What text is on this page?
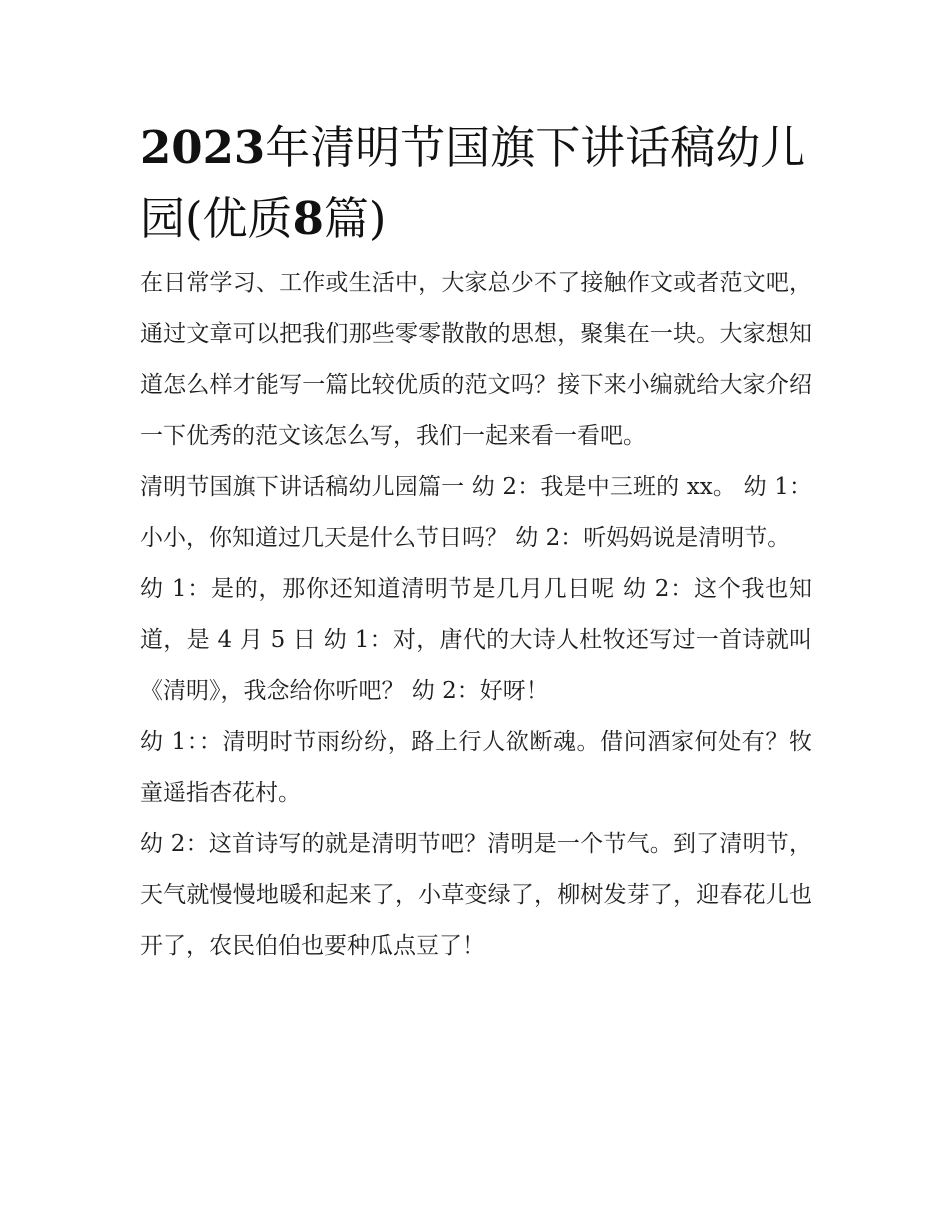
2023年清明节国旗下讲话稿幼儿园(优质8篇)

在日常学习、工作或生活中，大家总少不了接触作文或者范文吧，通过文章可以把我们那些零零散散的思想，聚集在一块。大家想知道怎么样才能写一篇比较优质的范文吗？接下来小编就给大家介绍一下优秀的范文该怎么写，我们一起来看一看吧。

清明节国旗下讲话稿幼儿园篇一 幼 2：我是中三班的 xx。 幼 1：小小，你知道过几天是什么节日吗？ 幼 2：听妈妈说是清明节。

幼 1：是的，那你还知道清明节是几月几日呢 幼 2：这个我也知道，是 4 月 5 日 幼 1：对，唐代的大诗人杜牧还写过一首诗就叫《清明》，我念给你听吧？ 幼 2：好呀！

幼 1：：清明时节雨纷纷，路上行人欲断魂。借问酒家何处有？牧童遥指杏花村。

幼 2：这首诗写的就是清明节吧？清明是一个节气。到了清明节，天气就慢慢地暖和起来了，小草变绿了，柳树发芽了，迎春花儿也开了，农民伯伯也要种瓜点豆了！
